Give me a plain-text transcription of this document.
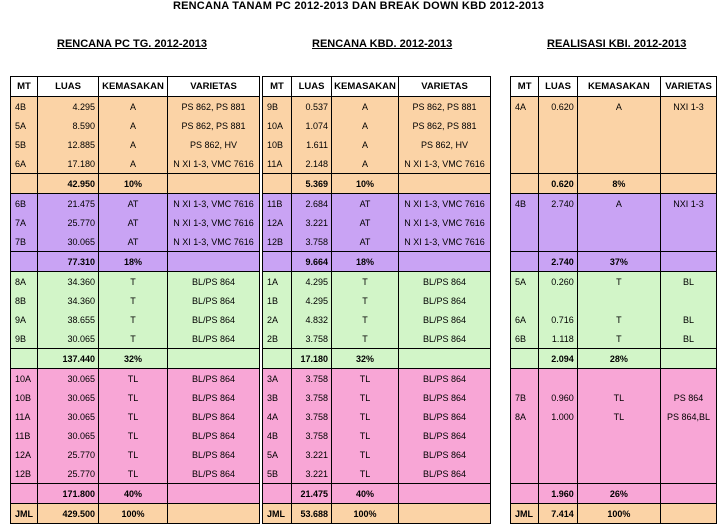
RENCANA TANAM PC 2012-2013 DAN BREAK DOWN KBD 2012-2013
RENCANA PC TG. 2012-2013	RENCANA KBD. 2012-2013	REALISASI KBI. 2012-2013
MT	LUAS	KEMASAKAN	VARIETAS
4B	4.295	A	PS 862, PS 881
5A	8.590	A	PS 862, PS 881
5B	12.885	A	PS 862, HV
6A	17.180	A	N XI 1-3, VMC 7616
	42.950	10%	
6B	21.475	AT	N XI 1-3, VMC 7616
7A	25.770	AT	N XI 1-3, VMC 7616
7B	30.065	AT	N XI 1-3, VMC 7616
	77.310	18%	
8A	34.360	T	BL/PS 864
8B	34.360	T	BL/PS 864
9A	38.655	T	BL/PS 864
9B	30.065	T	BL/PS 864
	137.440	32%	
10A	30.065	TL	BL/PS 864
10B	30.065	TL	BL/PS 864
11A	30.065	TL	BL/PS 864
11B	30.065	TL	BL/PS 864
12A	25.770	TL	BL/PS 864
12B	25.770	TL	BL/PS 864
	171.800	40%	
JML	429.500	100%	
MT	LUAS	KEMASAKAN	VARIETAS
9B	0.537	A	PS 862, PS 881
10A	1.074	A	PS 862, PS 881
10B	1.611	A	PS 862, HV
11A	2.148	A	N XI 1-3, VMC 7616
	5.369	10%	
11B	2.684	AT	N XI 1-3, VMC 7616
12A	3.221	AT	N XI 1-3, VMC 7616
12B	3.758	AT	N XI 1-3, VMC 7616
	9.664	18%	
1A	4.295	T	BL/PS 864
1B	4.295	T	BL/PS 864
2A	4.832	T	BL/PS 864
2B	3.758	T	BL/PS 864
	17.180	32%	
3A	3.758	TL	BL/PS 864
3B	3.758	TL	BL/PS 864
4A	3.758	TL	BL/PS 864
4B	3.758	TL	BL/PS 864
5A	3.221	TL	BL/PS 864
5B	3.221	TL	BL/PS 864
	21.475	40%	
JML	53.688	100%	
MT	LUAS	KEMASAKAN	VARIETAS
4A	0.620	A	NXI 1-3

	0.620	8%	
4B	2.740	A	NXI 1-3

	2.740	37%	
5A	0.260	T	BL

6A	0.716	T	BL
6B	1.118	T	BL
	2.094	28%	

7B	0.960	TL	PS 864
8A	1.000	TL	PS 864,BL

	1.960	26%	
JML	7.414	100%	
